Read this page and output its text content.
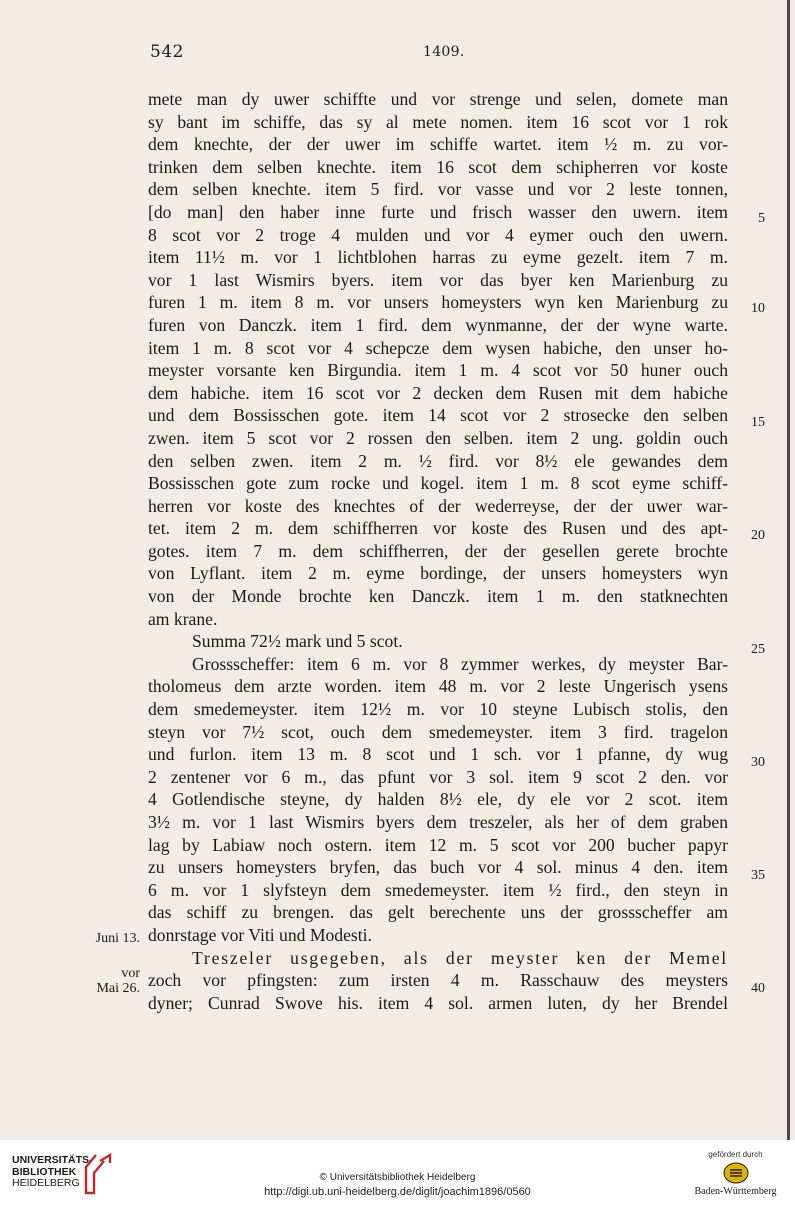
542	1409.
mete man dy uwer schiffte und vor strenge und selen, domete man
sy bant im schiffe, das sy al mete nomen. item 16 scot vor 1 rok
dem knechte, der der uwer im schiffe wartet. item ½ m. zu vor-
trinken dem selben knechte. item 16 scot dem schipherren vor koste
dem selben knechte. item 5 fird. vor vasse und vor 2 leste tonnen,
[do man] den haber inne furte und frisch wasser den uwern. item
8 scot vor 2 troge 4 mulden und vor 4 eymer ouch den uwern.
item 11½ m. vor 1 lichtblohen harras zu eyme gezelt. item 7 m.
vor 1 last Wismirs byers. item vor das byer ken Marienburg zu
furen 1 m. item 8 m. vor unsers homeysters wyn ken Marienburg zu
furen von Danczk. item 1 fird. dem wynmanne, der der wyne warte.
item 1 m. 8 scot vor 4 schepcze dem wysen habiche, den unser ho-
meyster vorsante ken Birgundia. item 1 m. 4 scot vor 50 huner ouch
dem habiche. item 16 scot vor 2 decken dem Rusen mit dem habiche
und dem Bossisschen gote. item 14 scot vor 2 strosecke den selben
zwen. item 5 scot vor 2 rossen den selben. item 2 ung. goldin ouch
den selben zwen. item 2 m. ½ fird. vor 8½ ele gewandes dem
Bossisschen gote zum rocke und kogel. item 1 m. 8 scot eyme schiff-
herren vor koste des knechtes of der wederreyse, der der uwer war-
tet. item 2 m. dem schiffherren vor koste des Rusen und des apt-
gotes. item 7 m. dem schiffherren, der der gesellen gerete brochte
von Lyflant. item 2 m. eyme bordinge, der unsers homeysters wyn
von der Monde brochte ken Danczk. item 1 m. den statknechten
am krane.
Summa 72½ mark und 5 scot.
Grossscheffer: item 6 m. vor 8 zymmer werkes, dy meyster Bar-
tholomeus dem arzte worden. item 48 m. vor 2 leste Ungerisch ysens
dem smedemeyster. item 12½ m. vor 10 steyne Lubisch stolis, den
steyn vor 7½ scot, ouch dem smedemeyster. item 3 fird. tragelon
und furlon. item 13 m. 8 scot und 1 sch. vor 1 pfanne, dy wug
2 zentener vor 6 m., das pfunt vor 3 sol. item 9 scot 2 den. vor
4 Gotlendische steyne, dy halden 8½ ele, dy ele vor 2 scot. item
3½ m. vor 1 last Wismirs byers dem treszeler, als her of dem graben
lag by Labiaw noch ostern. item 12 m. 5 scot vor 200 bucher papyr
zu unsers homeysters bryfen, das buch vor 4 sol. minus 4 den. item
6 m. vor 1 slyfsteyn dem smedemeyster. item ½ fird., den steyn in
das schiff zu brengen. das gelt berechente uns der grossscheffer am
donrstage vor Viti und Modesti.
Treszeler usgegeben, als der meyster ken der Memel
zoch vor pfingsten: zum irsten 4 m. Rasschauw des meysters
dyner; Cunrad Swove his. item 4 sol. armen luten, dy her Brendel
5
10
15
20
25
30
35
40
Juni 13.
vor
Mai 26.
UNIVERSITÄTS-
BIBLIOTHEK
HEIDELBERG	© Universitätsbibliothek Heidelberg
http://digi.ub.uni-heidelberg.de/diglit/joachim1896/0560
gefördert durch
Baden-Württemberg
